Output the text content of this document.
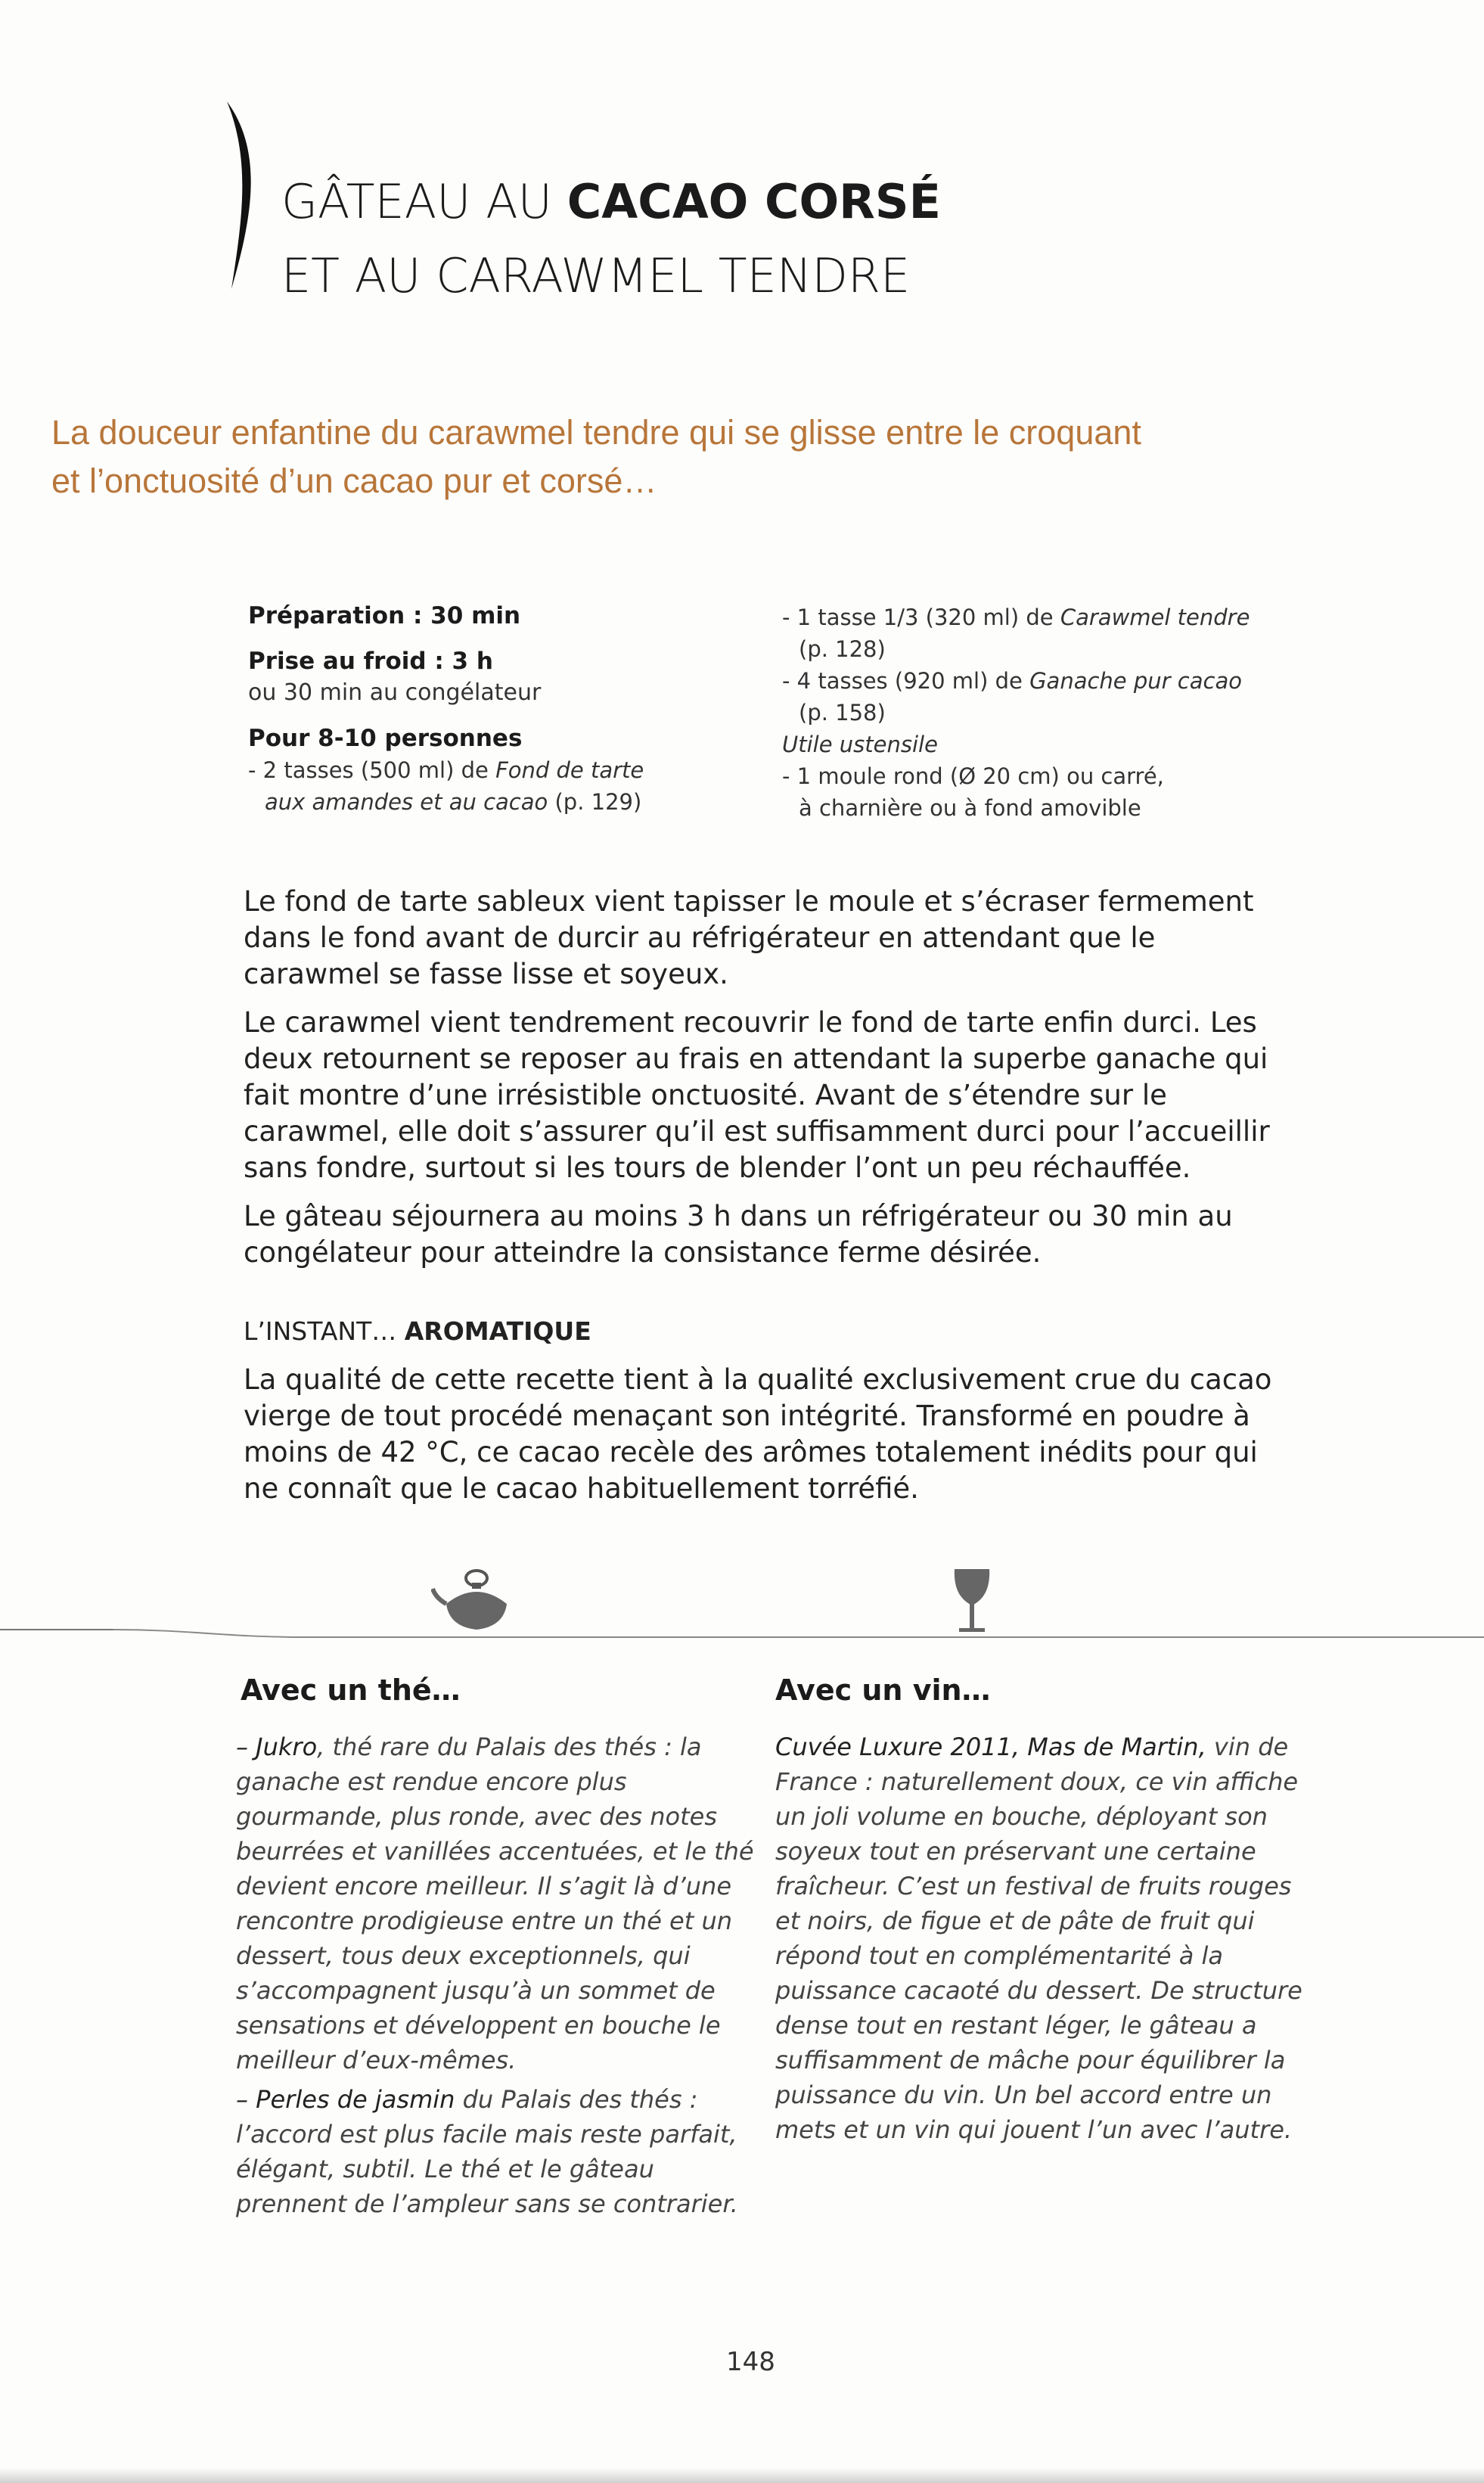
GÂTEAU AU CACAO CORSÉ
ET AU CARAWMEL TENDRE
La douceur enfantine du carawmel tendre qui se glisse entre le croquant
et l’onctuosité d’un cacao pur et corsé…
Préparation : 30 min
Prise au froid : 3 h
ou 30 min au congélateur
Pour 8-10 personnes
- 2 tasses (500 ml) de Fond de tarte
aux amandes et au cacao (p. 129)
- 1 tasse 1/3 (320 ml) de Carawmel tendre
(p. 128)
- 4 tasses (920 ml) de Ganache pur cacao
(p. 158)
Utile ustensile
- 1 moule rond (Ø 20 cm) ou carré,
à charnière ou à fond amovible

Le fond de tarte sableux vient tapisser le moule et s’écraser fermement dans le fond avant de durcir au réfrigérateur en attendant que le carawmel se fasse lisse et soyeux.

Le carawmel vient tendrement recouvrir le fond de tarte enfin durci. Les deux retournent se reposer au frais en attendant la superbe ganache qui fait montre d’une irrésistible onctuosité. Avant de s’étendre sur le carawmel, elle doit s’assurer qu’il est suffisamment durci pour l’accueillir sans fondre, surtout si les tours de blender l’ont un peu réchauffée.

Le gâteau séjournera au moins 3 h dans un réfrigérateur ou 30 min au congélateur pour atteindre la consistance ferme désirée.

L’INSTANT… AROMATIQUE
La qualité de cette recette tient à la qualité exclusivement crue du cacao vierge de tout procédé menaçant son intégrité. Transformé en poudre à moins de 42 °C, ce cacao recèle des arômes totalement inédits pour qui ne connaît que le cacao habituellement torréfié.
Avec un thé…

– Jukro, thé rare du Palais des thés : la ganache est rendue encore plus gourmande, plus ronde, avec des notes beurrées et vanillées accentuées, et le thé devient encore meilleur. Il s’agit là d’une rencontre prodigieuse entre un thé et un dessert, tous deux exceptionnels, qui s’accompagnent jusqu’à un sommet de sensations et développent en bouche le meilleur d’eux-mêmes.

– Perles de jasmin du Palais des thés : l’accord est plus facile mais reste parfait, élégant, subtil. Le thé et le gâteau prennent de l’ampleur sans se contrarier.

Avec un vin…

Cuvée Luxure 2011, Mas de Martin, vin de France : naturellement doux, ce vin affiche un joli volume en bouche, déployant son soyeux tout en préservant une certaine fraîcheur. C’est un festival de fruits rouges et noirs, de figue et de pâte de fruit qui répond tout en complémentarité à la puissance cacaoté du dessert. De structure dense tout en restant léger, le gâteau a suffisamment de mâche pour équilibrer la puissance du vin. Un bel accord entre un mets et un vin qui jouent l’un avec l’autre.

148
